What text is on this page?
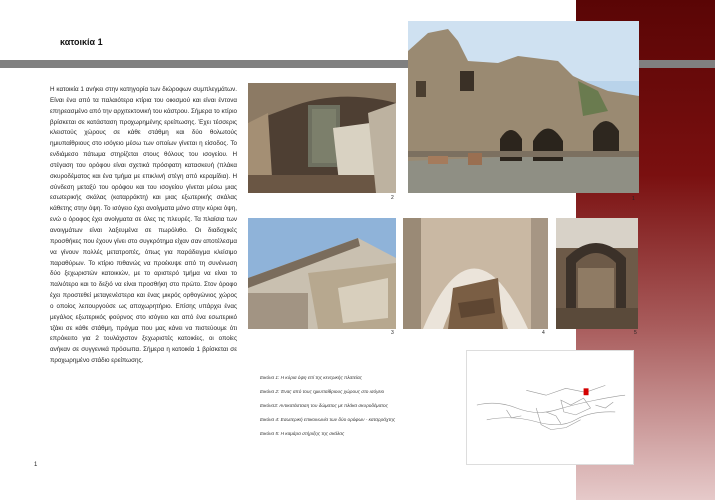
κατοικία 1
Η κατοικία 1 ανήκει στην κατηγορία των διώροφων συμπλεγμάτων. Είναι ένα από τα παλαιότερα κτίρια του οικισμού και είναι έντονα επηρεασμένο από την αρχιτεκτονική του κάστρου. Σήμερα το κτίριο βρίσκεται σε κατάσταση προχωρημένης ερείπωσης. Έχει τέσσερις κλειστούς χώρους σε κάθε στάθμη και δύο θολωτούς ημιυπαίθριους στο ισόγειο μέσω των οποίων γίνεται η είσοδος. Το ενδιάμεσο πάτωμα στηρίζεται στους θόλους του ισογείου. Η στέγαση του ορόφου είναι σχετικά πρόσφατη κατασκευή (πλάκα σκυροδέματος και ένα τμήμα με επικλινή στέγη από κεραμίδια). Η σύνδεση μεταξύ του ορόφου και του ισογείου γίνεται μέσω μιας εσωτερικής σκάλας (καταρράκτη) και μιας εξωτερικής σκάλας κάθετης στην όψη. Το ισόγειο έχει ανοίγματα μόνο στην κύρια όψη, ενώ ο όροφος έχει ανοίγματα σε όλες τις πλευρές. Τα πλαίσια των ανοιγμάτων είναι λαξευμένα σε πωρόλιθο. Οι διαδοχικές προσθήκες που έχουν γίνει στο συγκρότημα είχαν σαν αποτέλεσμα να γίνουν πολλές μετατροπές, όπως για παράδειγμα κλείσιμο παραθύρων. Το κτίριο πιθανώς να προέκυψε από τη συνένωση δύο ξεχωριστών κατοικιών, με το αριστερό τμήμα να είναι το παλιότερο και το δεξιό να είναι προσθήκη στο πρώτο. Στον όροφο έχει προστεθεί μεταγενέστερα και ένας μικρός ορθογώνιος χώρος ο οποίος λειτουργούσε ως αποχωρητήριο. Επίσης υπάρχει ένας μεγάλος εξωτερικός φούρνος στο ισόγειο και από ένα εσωτερικό τζάκι σε κάθε στάθμη, πράγμα που μας κάνει να πιστεύουμε ότι επρόκειτο για 2 τουλάχιστον ξεχωριστές κατοικίες, οι οποίες ανήκαν σε συγγενικά πρόσωπα. Σήμερα η κατοικία 1 βρίσκεται σε προχωρημένο στάδιο ερείπωσης.
1
1
2
3	4	5
Εικόνα 1: Η κύρια όψη επί της κεντρικής πλατείας
Εικόνα 2: Ένας από τους ημιυπαίθριους χώρους στο ισόγειο
Εικόνα3: Αντικατάσταση του δώματος με πλάκα σκυροδέματος
Εικόνα 4: Εσωτερική επικοινωνία των δύο ορόφων - καταρράχτης
Εικόνα 5: Η καμάρα στήριξης της σκάλας
